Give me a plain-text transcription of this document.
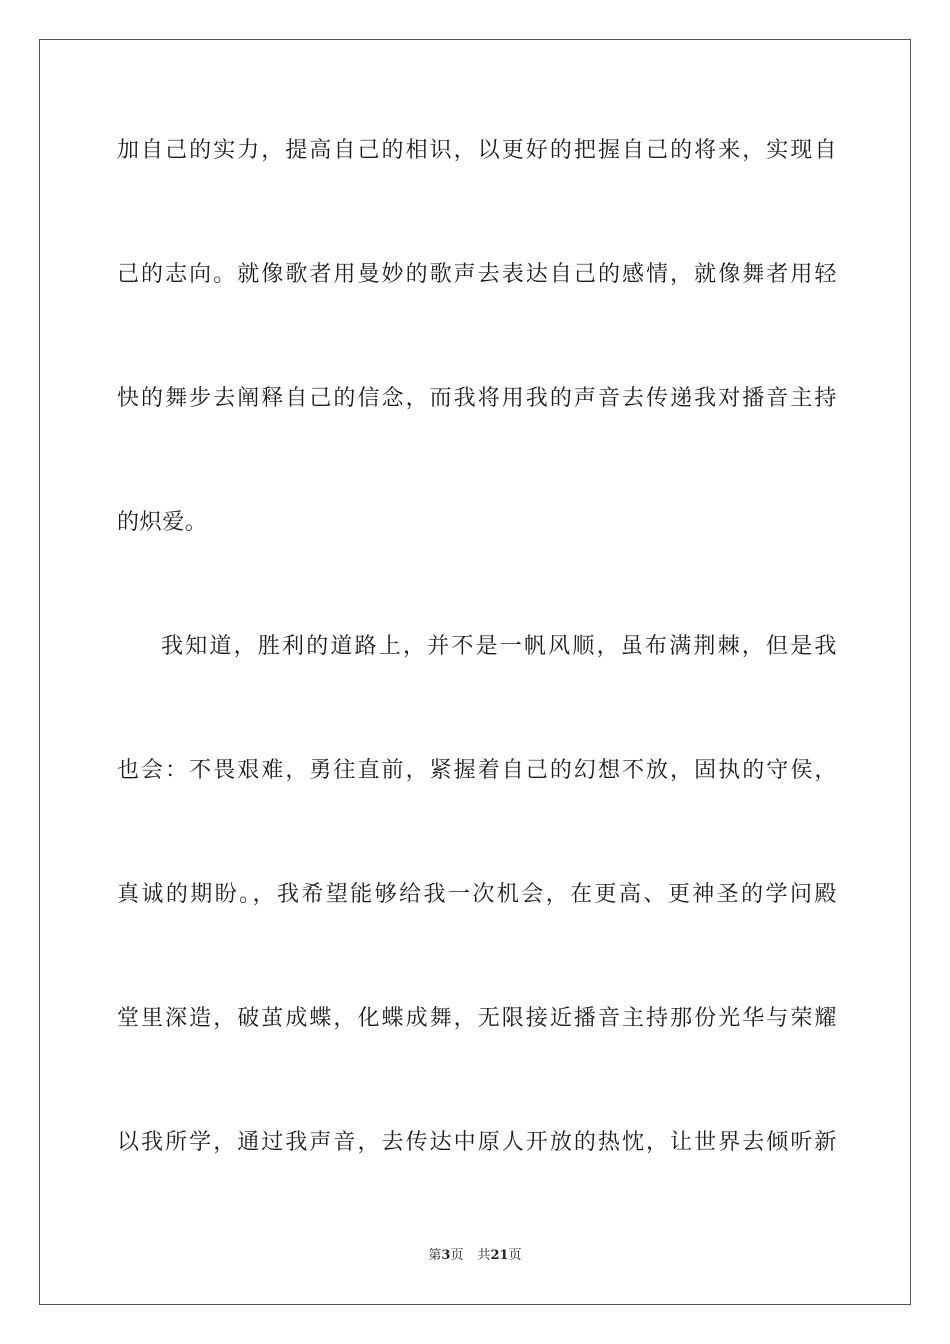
加自己的实力，提高自己的相识，以更好的把握自己的将来，实现自
己的志向。就像歌者用曼妙的歌声去表达自己的感情，就像舞者用轻
快的舞步去阐释自己的信念，而我将用我的声音去传递我对播音主持
的炽爱。
我知道，胜利的道路上，并不是一帆风顺，虽布满荆棘，但是我
也会：不畏艰难，勇往直前，紧握着自己的幻想不放，固执的守侯，
真诚的期盼。，我希望能够给我一次机会，在更高、更神圣的学问殿
堂里深造，破茧成蝶，化蝶成舞，无限接近播音主持那份光华与荣耀
以我所学，通过我声音，去传达中原人开放的热忱，让世界去倾听新
第3页 共21页
